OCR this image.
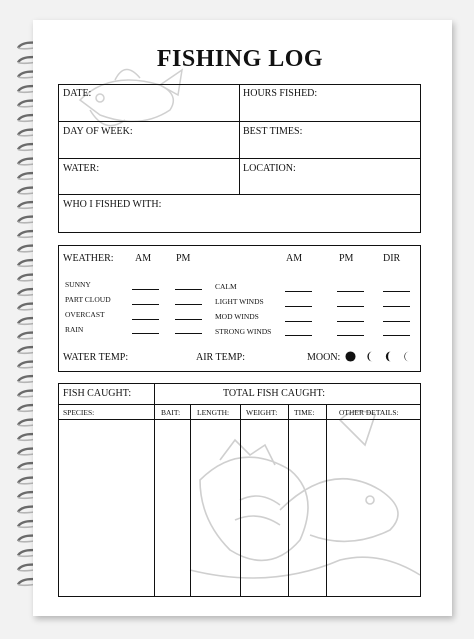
FISHING LOG
DATE:	HOURS FISHED:
DAY OF WEEK:	BEST TIMES:
WATER:	LOCATION:
WHO I FISHED WITH:
WEATHER: AM PM	AM	PM	DIR
SUNNY
PART CLOUD
OVERCAST
RAIN
CALM
LIGHT WINDS
MOD WINDS
STRONG WINDS
WATER TEMP:	AIR TEMP:	MOON:
FISH CAUGHT:	TOTAL FISH CAUGHT:
SPECIES:	BAIT: LENGTH: WEIGHT: TIME:	OTHER DETAILS:
